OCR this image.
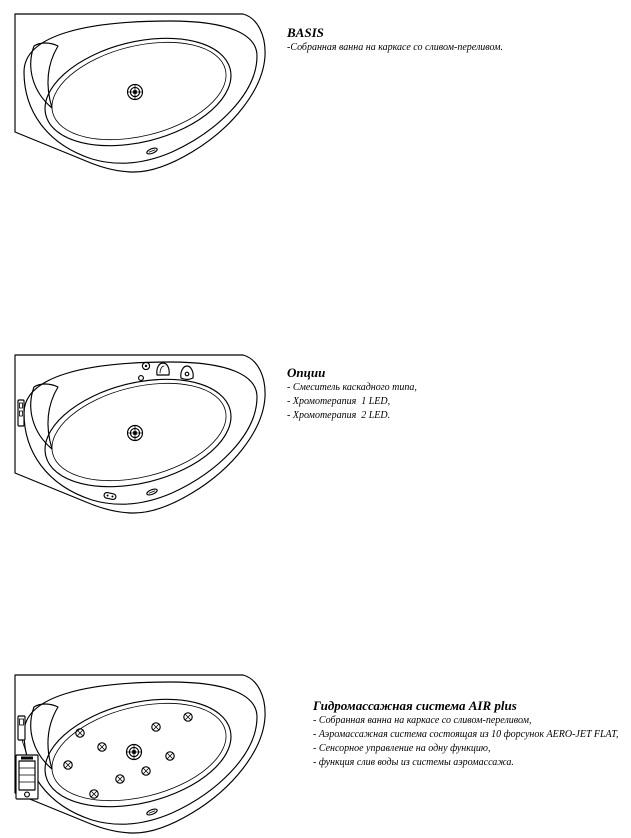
BASIS

-Собранная ванна на каркасе со сливом-переливом.

Опции

- Смеситель каскадного типа,

- Хромотерапия  1 LED,

- Хромотерапия  2 LED.

Гидромассажная система AIR plus

- Собранная ванна на каркасе со сливом-переливом,

- Аэромассажная система состоящая из 10 форсунок AERO-JET FLAT,

- Сенсорное управление на одну функцию,

- функция слив воды из системы аэромассажа.
